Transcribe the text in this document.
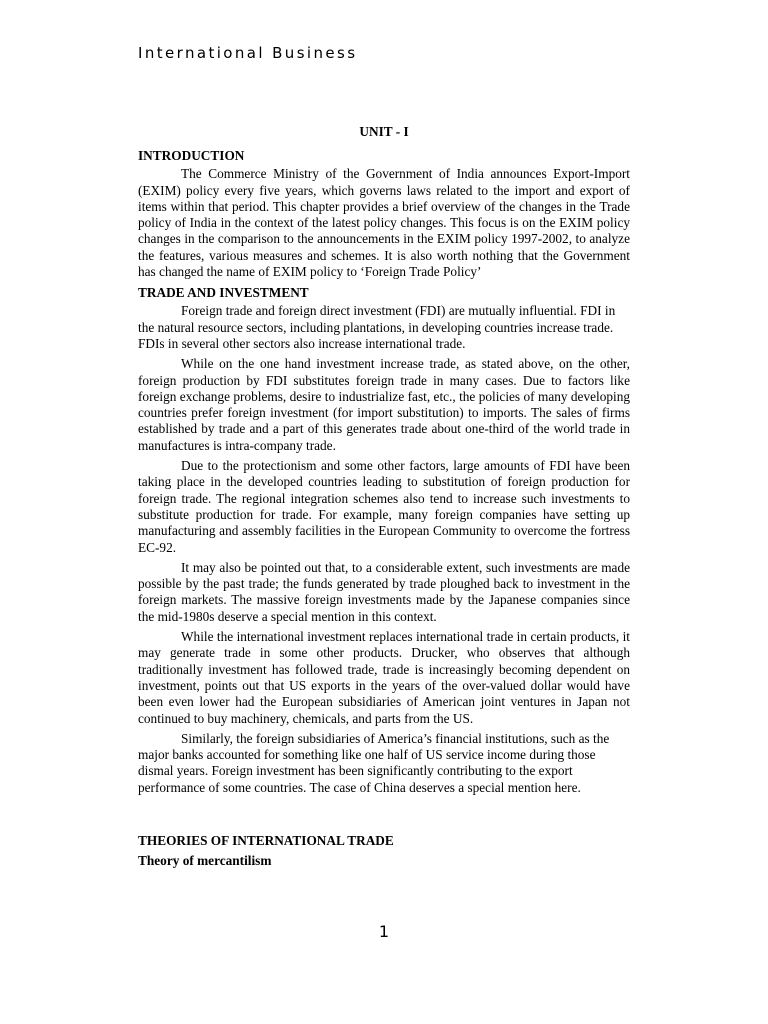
International Business
UNIT - I
INTRODUCTION

The Commerce Ministry of the Government of India announces Export-Import (EXIM) policy every five years, which governs laws related to the import and export of items within that period. This chapter provides a brief overview of the changes in the Trade policy of India in the context of the latest policy changes. This focus is on the EXIM policy changes in the comparison to the announcements in the EXIM policy 1997-2002, to analyze the features, various measures and schemes. It is also worth nothing that the Government has changed the name of EXIM policy to ‘Foreign Trade Policy’

TRADE AND INVESTMENT

Foreign trade and foreign direct investment (FDI) are mutually influential. FDI in the natural resource sectors, including plantations, in developing countries increase trade. FDIs in several other sectors also increase international trade.

While on the one hand investment increase trade, as stated above, on the other, foreign production by FDI substitutes foreign trade in many cases. Due to factors like foreign exchange problems, desire to industrialize fast, etc., the policies of many developing countries prefer foreign investment (for import substitution) to imports. The sales of firms established by trade and a part of this generates trade about one-third of the world trade in manufactures is intra-company trade.

Due to the protectionism and some other factors, large amounts of FDI have been taking place in the developed countries leading to substitution of foreign production for foreign trade. The regional integration schemes also tend to increase such investments to substitute production for trade. For example, many foreign companies have setting up manufacturing and assembly facilities in the European Community to overcome the fortress EC-92.

It may also be pointed out that, to a considerable extent, such investments are made possible by the past trade; the funds generated by trade ploughed back to investment in the foreign markets. The massive foreign investments made by the Japanese companies since the mid-1980s deserve a special mention in this context.

While the international investment replaces international trade in certain products, it may generate trade in some other products. Drucker, who observes that although traditionally investment has followed trade, trade is increasingly becoming dependent on investment, points out that US exports in the years of the over-valued dollar would have been even lower had the European subsidiaries of American joint ventures in Japan not continued to buy machinery, chemicals, and parts from the US.

Similarly, the foreign subsidiaries of America’s financial institutions, such as the major banks accounted for something like one half of US service income during those dismal years. Foreign investment has been significantly contributing to the export performance of some countries. The case of China deserves a special mention here.

THEORIES OF INTERNATIONAL TRADE
Theory of mercantilism
1
